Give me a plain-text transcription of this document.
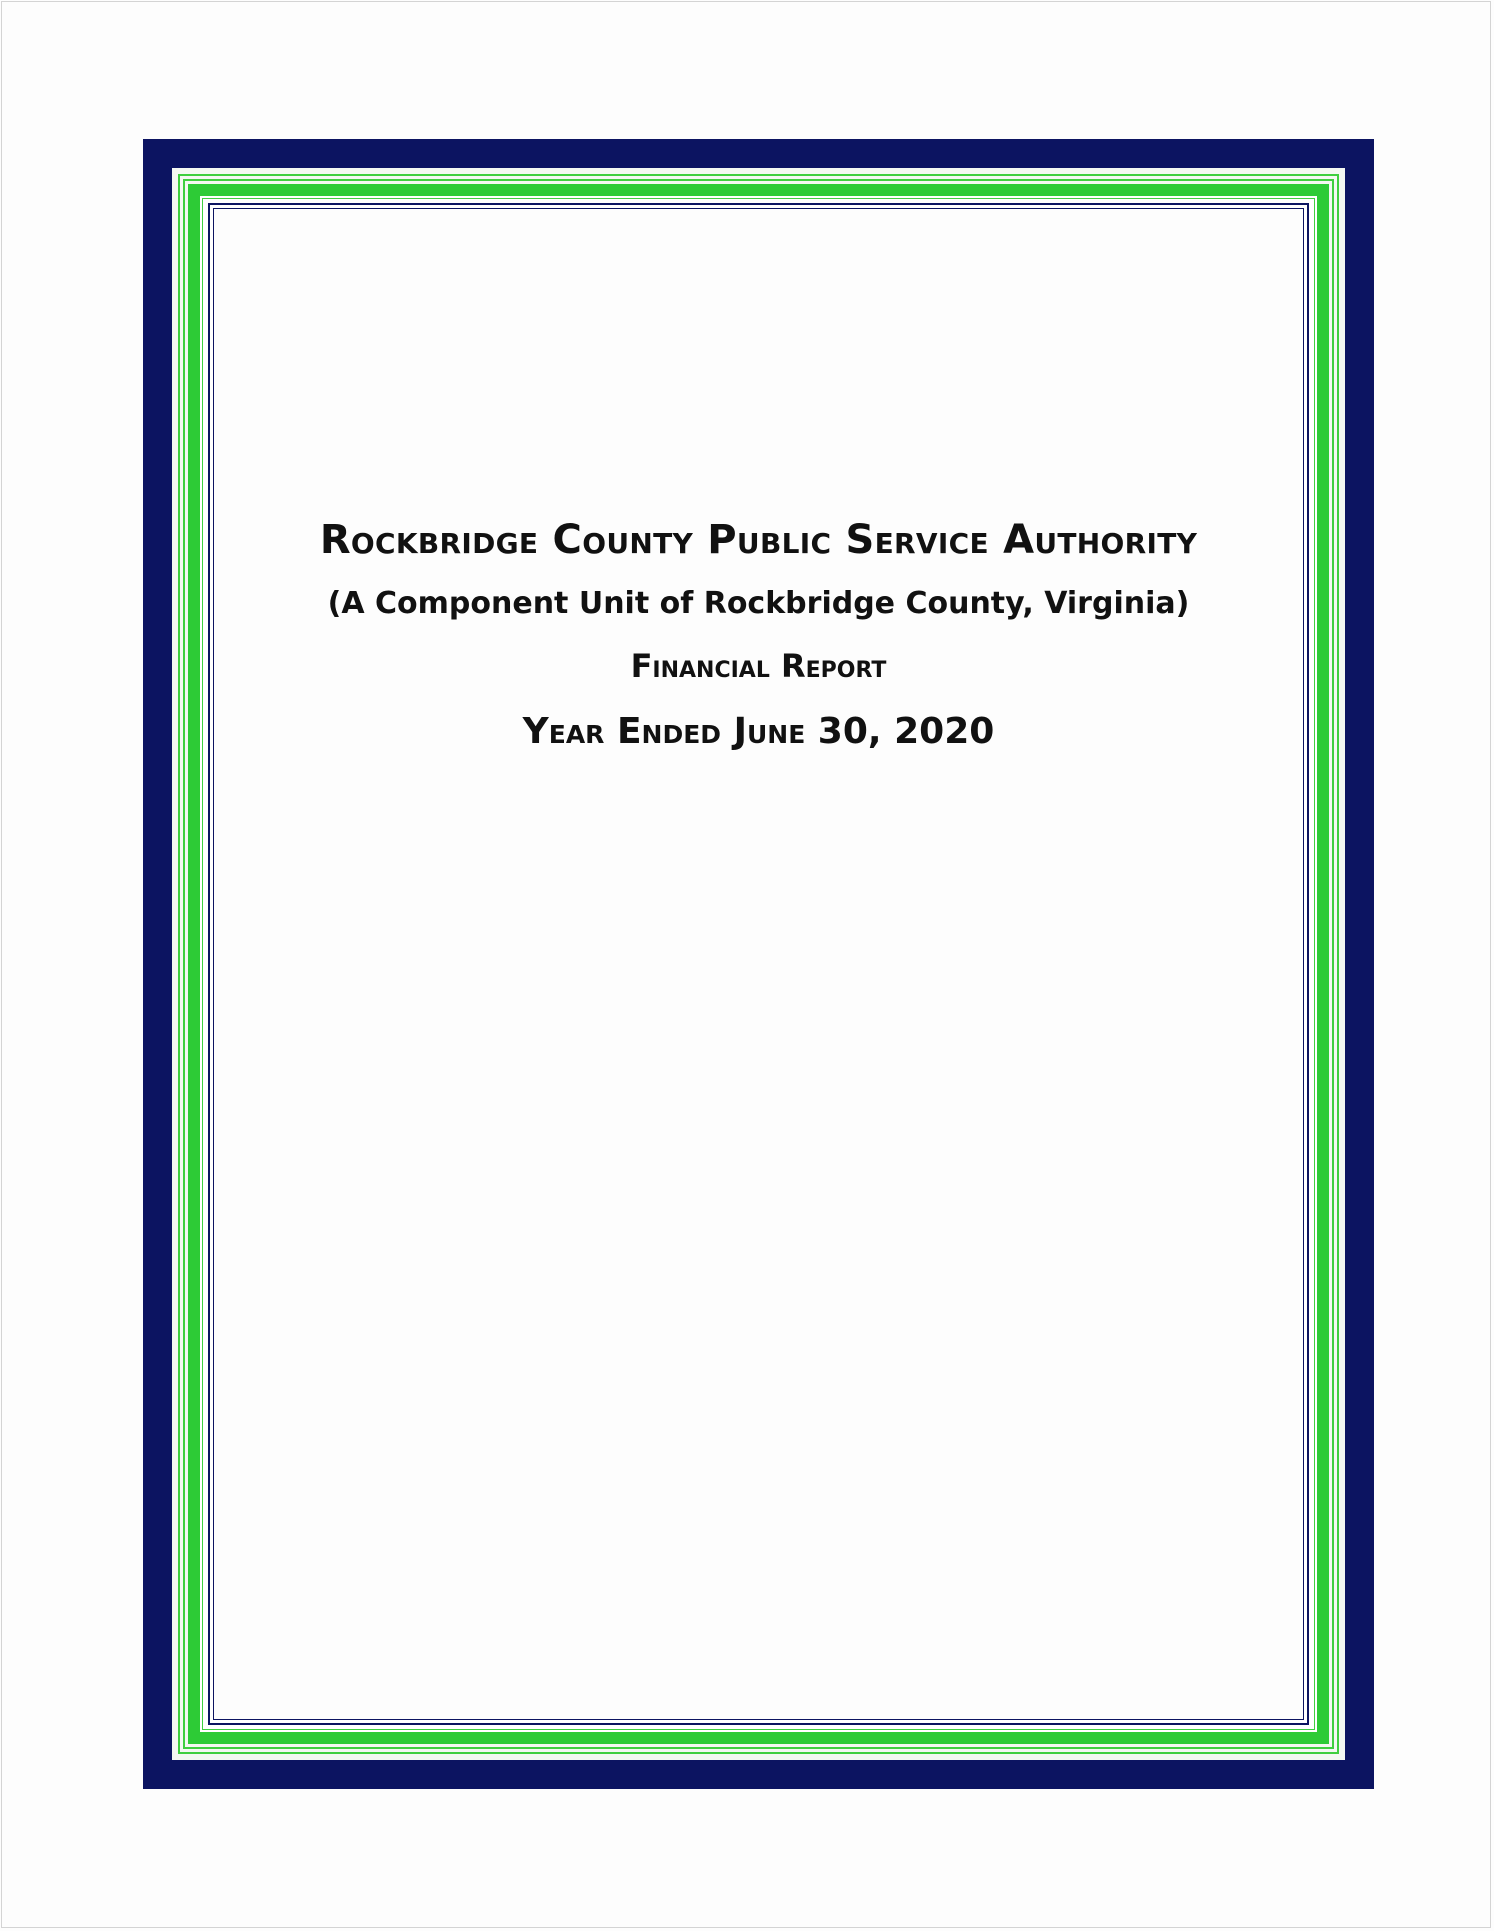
Rockbridge County Public Service Authority

(A Component Unit of Rockbridge County, Virginia)

Financial Report

Year Ended June 30, 2020
